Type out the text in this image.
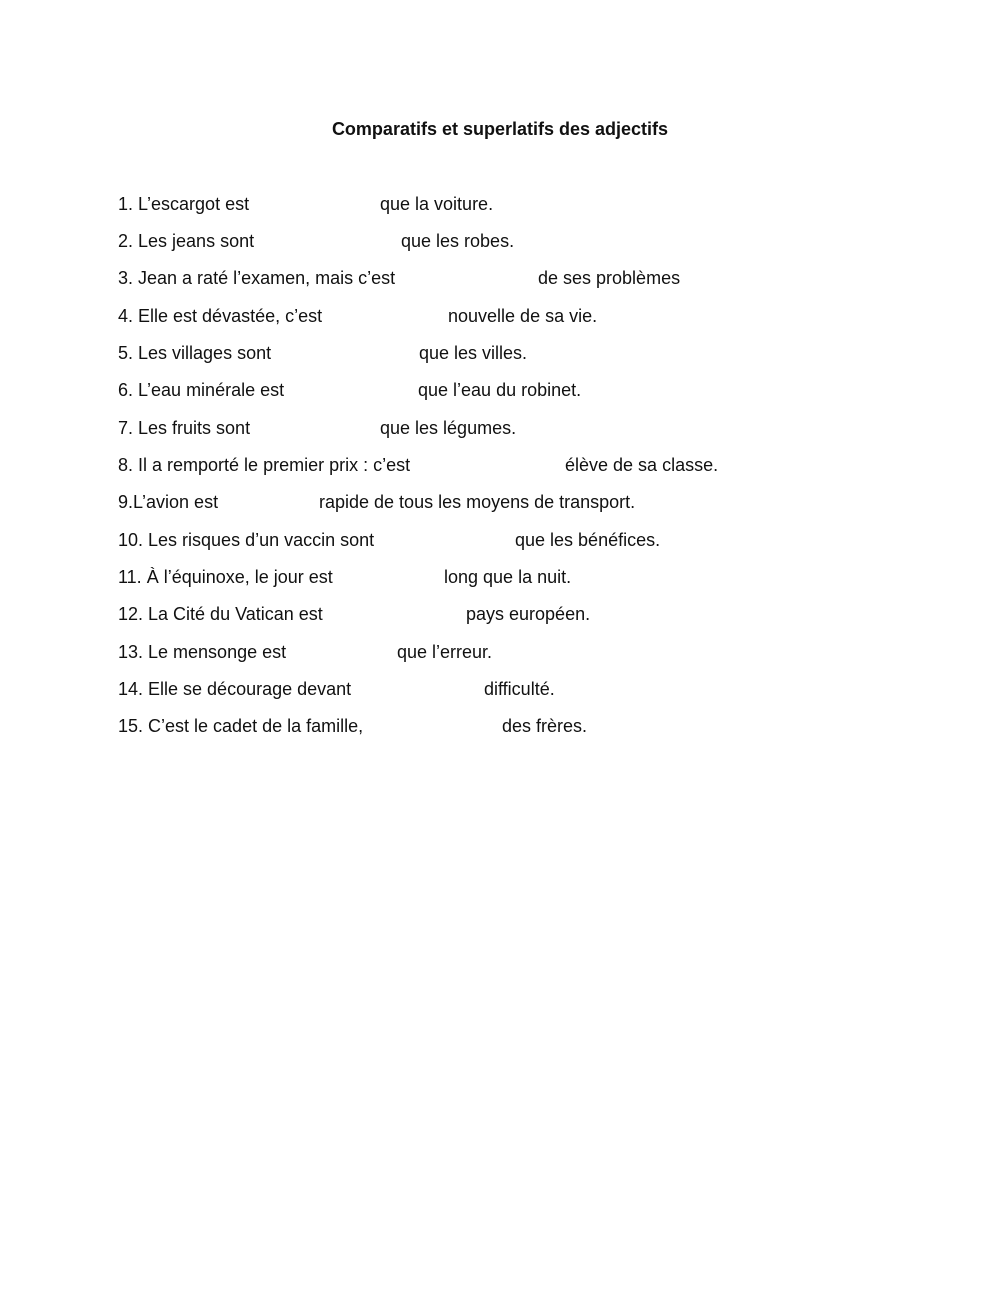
Comparatifs et superlatifs des adjectifs
1. L’escargot est	que la voiture.
2. Les jeans sont	que les robes.
3. Jean a raté l’examen, mais c’est	de ses problèmes
4. Elle est dévastée, c’est	nouvelle de sa vie.
5. Les villages sont	que les villes.
6. L’eau minérale est	que l’eau du robinet.
7. Les fruits sont	que les légumes.
8. Il a remporté le premier prix : c’est	élève de sa classe.
9.L’avion est	rapide de tous les moyens de transport.
10. Les risques d’un vaccin sont	que les bénéfices.
11. À l’équinoxe, le jour est	long que la nuit.
12. La Cité du Vatican est	pays européen.
13. Le mensonge est	que l’erreur.
14. Elle se décourage devant	difficulté.
15. C’est le cadet de la famille,	des frères.
